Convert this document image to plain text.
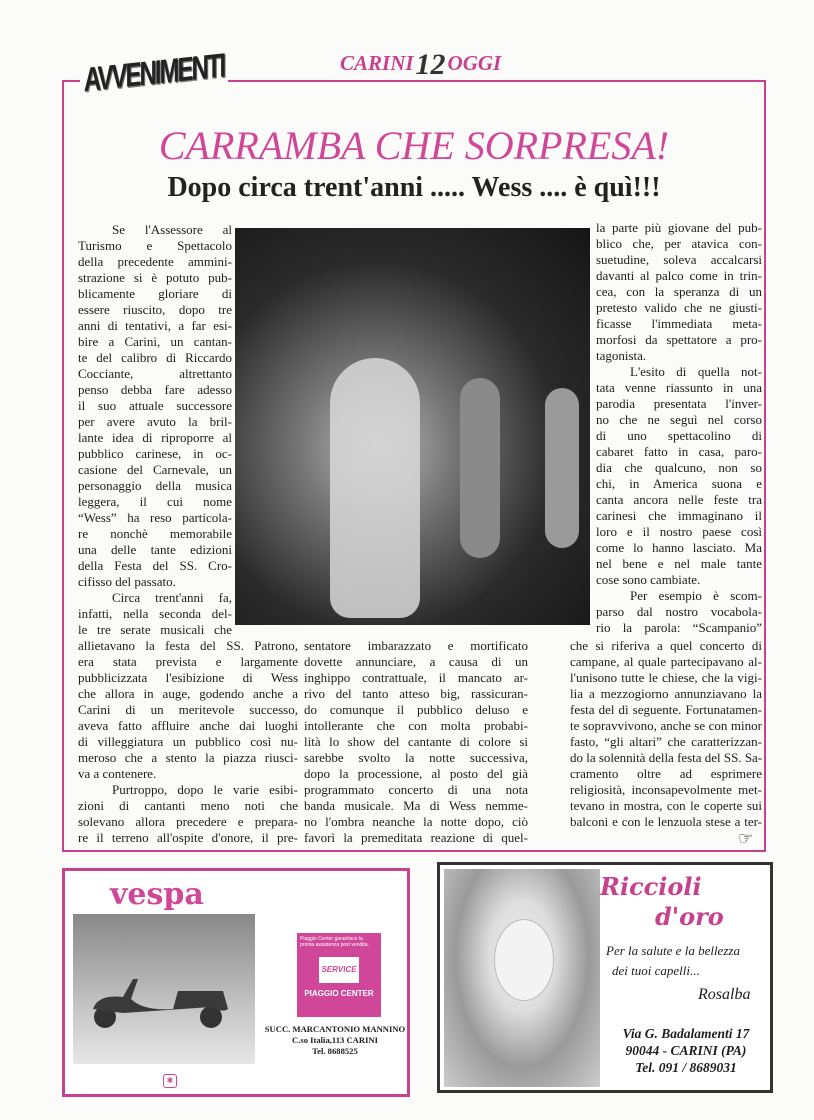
AVVENIMENTI	CARINI12OGGI
CARRAMBA CHE SORPRESA!
Dopo circa trent'anni ..... Wess .... è quì!!!
Se l'Assessore al
Turismo e Spettacolo
della precedente ammini-
strazione si è potuto pub-
blicamente gloriare di
essere riuscito, dopo tre
anni di tentativi, a far esi-
bire a Carini, un cantan-
te del calibro di Riccardo
Cocciante, altrettanto
penso debba fare adesso
il suo attuale successore
per avere avuto la bril-
lante idea di riproporre al
pubblico carinese, in oc-
casione del Carnevale, un
personaggio della musica
leggera, il cui nome
“Wess” ha reso particola-
re nonchè memorabile
una delle tante edizioni
della Festa del SS. Cro-
cifisso del passato.
Circa trent'anni fa,
infatti, nella seconda del-
le tre serate musicali che
allietavano la festa del SS. Patrono,
era stata prevista e largamente
pubblicizzata l'esibizione di Wess
che allora in auge, godendo anche a
Carini di un meritevole successo,
aveva fatto affluire anche dai luoghi
di villeggiatura un pubblico così nu-
meroso che a stento la piazza riusci-
va a contenere.
Purtroppo, dopo le varie esibi-
zioni di cantanti meno noti che
solevano allora precedere e prepara-
re il terreno all'ospite d'onore, il pre-
sentatore imbarazzato e mortificato
dovette annunciare, a causa di un
inghippo contrattuale, il mancato ar-
rivo del tanto atteso big, rassicuran-
do comunque il pubblico deluso e
intollerante che con molta probabi-
lità lo show del cantante di colore si
sarebbe svolto la notte successiva,
dopo la processione, al posto del già
programmato concerto di una nota
banda musicale. Ma di Wess nemme-
no l'ombra neanche la notte dopo, ciò
favorì la premeditata reazione di quel-
la parte più giovane del pub-
blico che, per atavica con-
suetudine, soleva accalcarsi
davanti al palco come in trin-
cea, con la speranza di un
pretesto valido che ne giusti-
ficasse l'immediata meta-
morfosi da spettatore a pro-
tagonista.
L'esito di quella not-
tata venne riassunto in una
parodia presentata l'inver-
no che ne seguì nel corso
di uno spettacolino di
cabaret fatto in casa, paro-
dia che qualcuno, non so
chi, in America suona e
canta ancora nelle feste tra
carinesi che immaginano il
loro e il nostro paese così
come lo hanno lasciato. Ma
nel bene e nel male tante
cose sono cambiate.
Per esempio è scom-
parso dal nostro vocabola-
rio la parola: “Scampanio”
che si riferiva a quel concerto di
campane, al quale partecipavano al-
l'unisono tutte le chiese, che la vigi-
lia a mezzogiorno annunziavano la
festa del dì seguente. Fortunatamen-
te sopravvivono, anche se con minor
fasto, “gli altari” che caratterizzan-
do la solennità della festa del SS. Sa-
cramento oltre ad esprimere
religiosità, inconsapevolmente met-
tevano in mostra, con le coperte sui
balconi e con le lenzuola stese a ter-
☞
vespa
Piaggio Center garantisce la pronta assistenza post vendita.
SERVICE
PIAGGIO CENTER
SUCC. MARCANTONIO MANNINO
C.so Italia,113 CARINI
Tel. 8688525
✱
Riccioli
d'oro
Per la salute e la bellezza
dei tuoi capelli...
Rosalba
Via G. Badalamenti 17
90044 - CARINI (PA)
Tel. 091 / 8689031
